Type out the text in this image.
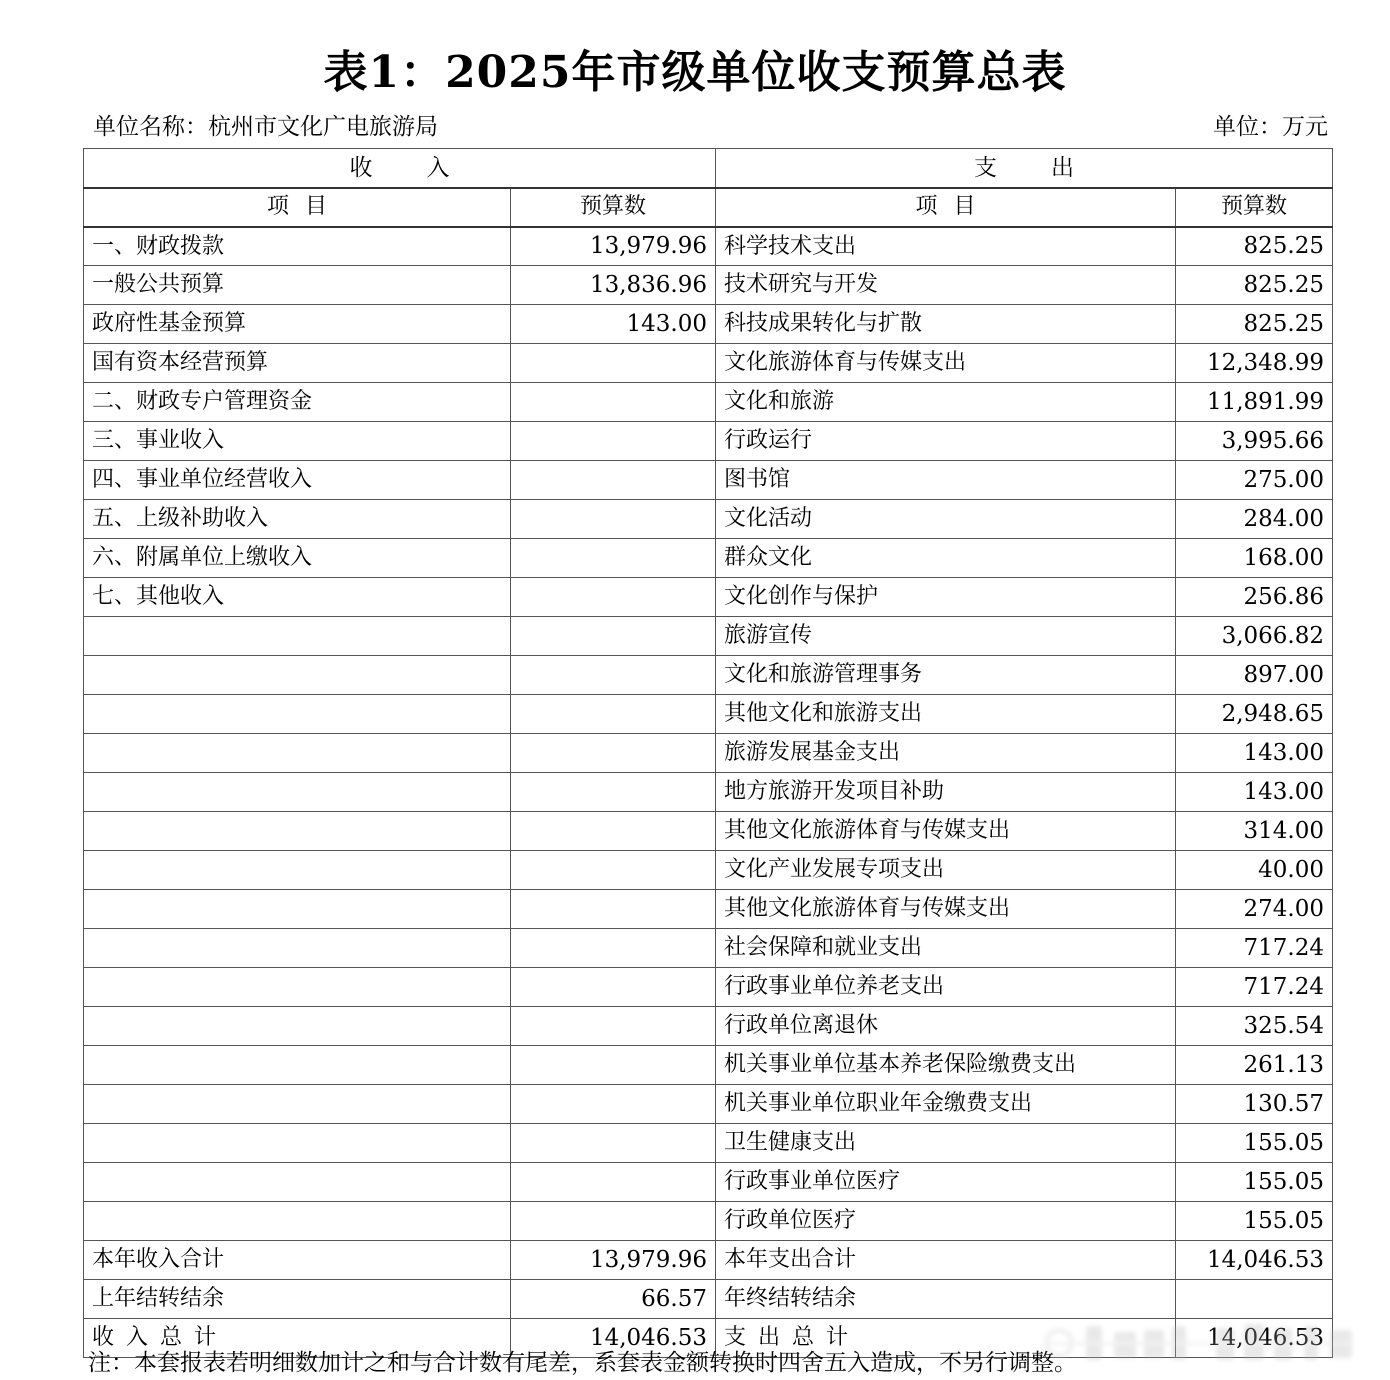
表1：2025年市级单位收支预算总表
单位名称：杭州市文化广电旅游局	单位：万元
收入		支出	
项目	预算数	项目	预算数
一、财政拨款	13,979.96	科学技术支出	825.25
一般公共预算	13,836.96	技术研究与开发	825.25
政府性基金预算	143.00	科技成果转化与扩散	825.25
国有资本经营预算		文化旅游体育与传媒支出	12,348.99
二、财政专户管理资金		文化和旅游	11,891.99
三、事业收入		行政运行	3,995.66
四、事业单位经营收入		图书馆	275.00
五、上级补助收入		文化活动	284.00
六、附属单位上缴收入		群众文化	168.00
七、其他收入		文化创作与保护	256.86
		旅游宣传	3,066.82
		文化和旅游管理事务	897.00
		其他文化和旅游支出	2,948.65
		旅游发展基金支出	143.00
		地方旅游开发项目补助	143.00
		其他文化旅游体育与传媒支出	314.00
		文化产业发展专项支出	40.00
		其他文化旅游体育与传媒支出	274.00
		社会保障和就业支出	717.24
		行政事业单位养老支出	717.24
		行政单位离退休	325.54
		机关事业单位基本养老保险缴费支出	261.13
		机关事业单位职业年金缴费支出	130.57
		卫生健康支出	155.05
		行政事业单位医疗	155.05
		行政单位医疗	155.05
本年收入合计	13,979.96	本年支出合计	14,046.53
上年结转结余	66.57	年终结转结余	
收入总计	14,046.53	支出总计	14,046.53
注：本套报表若明细数加计之和与合计数有尾差，系套表金额转换时四舍五入造成，不另行调整。
